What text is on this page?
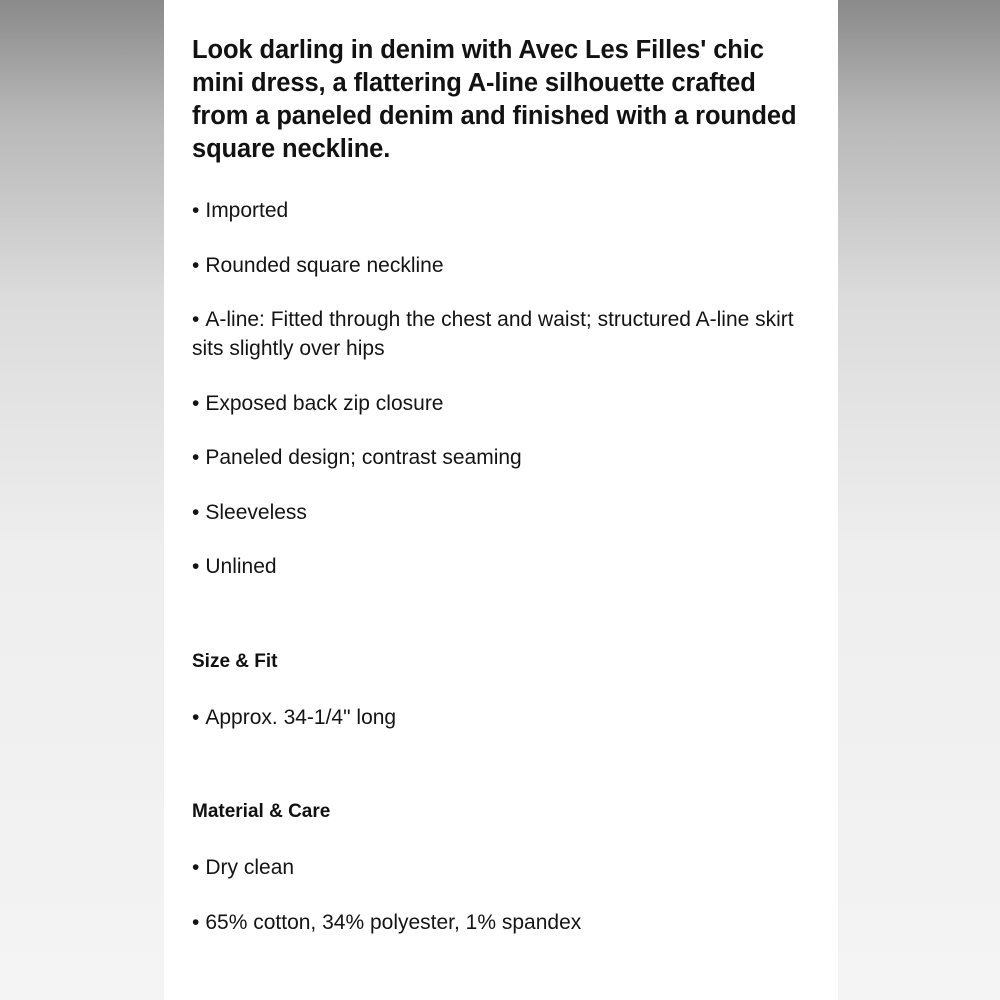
Look darling in denim with Avec Les Filles' chic mini dress, a flattering A-line silhouette crafted from a paneled denim and finished with a rounded square neckline.

• Imported
• Rounded square neckline
• A-line: Fitted through the chest and waist; structured A-line skirt sits slightly over hips
• Exposed back zip closure
• Paneled design; contrast seaming
• Sleeveless
• Unlined
Size & Fit
• Approx. 34-1/4" long
Material & Care
• Dry clean
• 65% cotton, 34% polyester, 1% spandex
